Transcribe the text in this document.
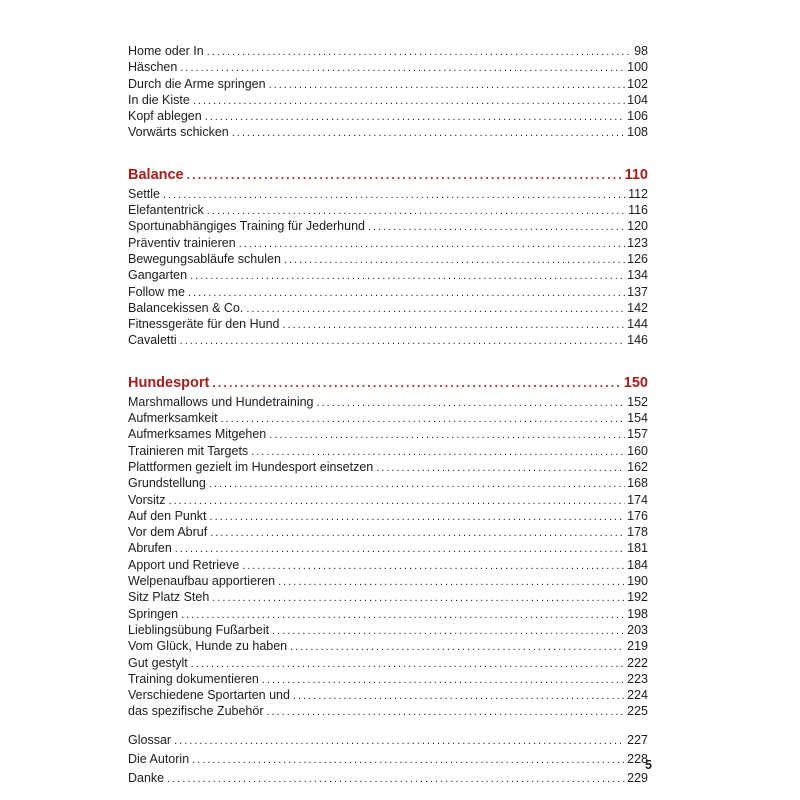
Home oder In .....	98
Häschen .....	100
Durch die Arme springen .....	102
In die Kiste .....	104
Kopf ablegen .....	106
Vorwärts schicken .....	108
Balance .....	110
Settle .....	112
Elefantentrick .....	116
Sportunabhängiges Training für Jederhund .....	120
Präventiv trainieren .....	123
Bewegungsabläufe schulen .....	126
Gangarten .....	134
Follow me .....	137
Balancekissen & Co. .....	142
Fitnessgeräte für den Hund .....	144
Cavaletti .....	146
Hundesport .....	150
Marshmallows und Hundetraining .....	152
Aufmerksamkeit .....	154
Aufmerksames Mitgehen .....	157
Trainieren mit Targets .....	160
Plattformen gezielt im Hundesport einsetzen .....	162
Grundstellung .....	168
Vorsitz .....	174
Auf den Punkt .....	176
Vor dem Abruf .....	178
Abrufen .....	181
Apport und Retrieve .....	184
Welpenaufbau apportieren .....	190
Sitz Platz Steh .....	192
Springen .....	198
Lieblingsübung Fußarbeit .....	203
Vom Glück, Hunde zu haben .....	219
Gut gestylt .....	222
Training dokumentieren .....	223
Verschiedene Sportarten und .....	224
das spezifische Zubehör .....	225
Glossar .....	227
Die Autorin .....	228
Danke .....	229
5
